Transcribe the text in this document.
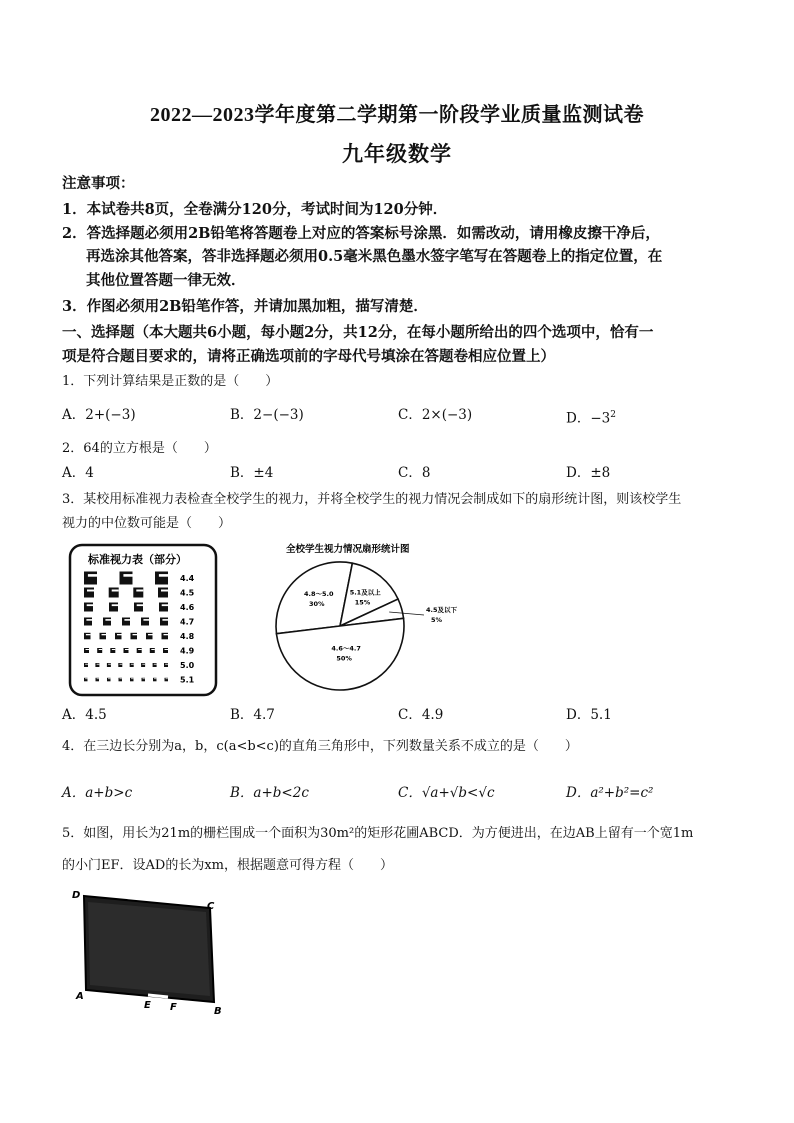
2022—2023学年度第二学期第一阶段学业质量监测试卷
九年级数学
注意事项：
1．本试卷共8页，全卷满分120分，考试时间为120分钟．
2．答选择题必须用2B铅笔将答题卷上对应的答案标号涂黑．如需改动，请用橡皮擦干净后，
再选涂其他答案，答非选择题必须用0.5毫米黑色墨水签字笔写在答题卷上的指定位置，在
其他位置答题一律无效．
3．作图必须用2B铅笔作答，并请加黑加粗，描写清楚．
一、选择题（本大题共6小题，每小题2分，共12分，在每小题所给出的四个选项中，恰有一
项是符合题目要求的，请将正确选项前的字母代号填涂在答题卷相应位置上）
1．下列计算结果是正数的是（　　）
A．2+(−3)	B．2−(−3)	C．2×(−3)	D．$-3^2$
2．64的立方根是（　　）
A．4	B．±4	C．8	D．±8
3．某校用标准视力表检查全校学生的视力，并将全校学生的视力情况会制成如下的扇形统计图，则该校学生
视力的中位数可能是（　　）
标准视力表（部分）
4.4
4.5
4.6
4.7
4.8
4.9
5.0
5.1
全校学生视力情况扇形统计图
4.8～5.0
30%
5.1及以上
15%
4.5及以下
5%
4.6～4.7
50%
A．4.5	B．4.7	C．4.9	D．5.1
4．在三边长分别为a，b，c(a<b<c)的直角三角形中，下列数量关系不成立的是（　　）
A．a+b>c	B．a+b<2c	C．√a+√b<√c	D．a²+b²=c²
5．如图，用长为21m的栅栏围成一个面积为30m²的矩形花圃ABCD．为方便进出，在边AB上留有一个宽1m
的小门EF．设AD的长为xm，根据题意可得方程（　　）
D
C
A
E F	B
